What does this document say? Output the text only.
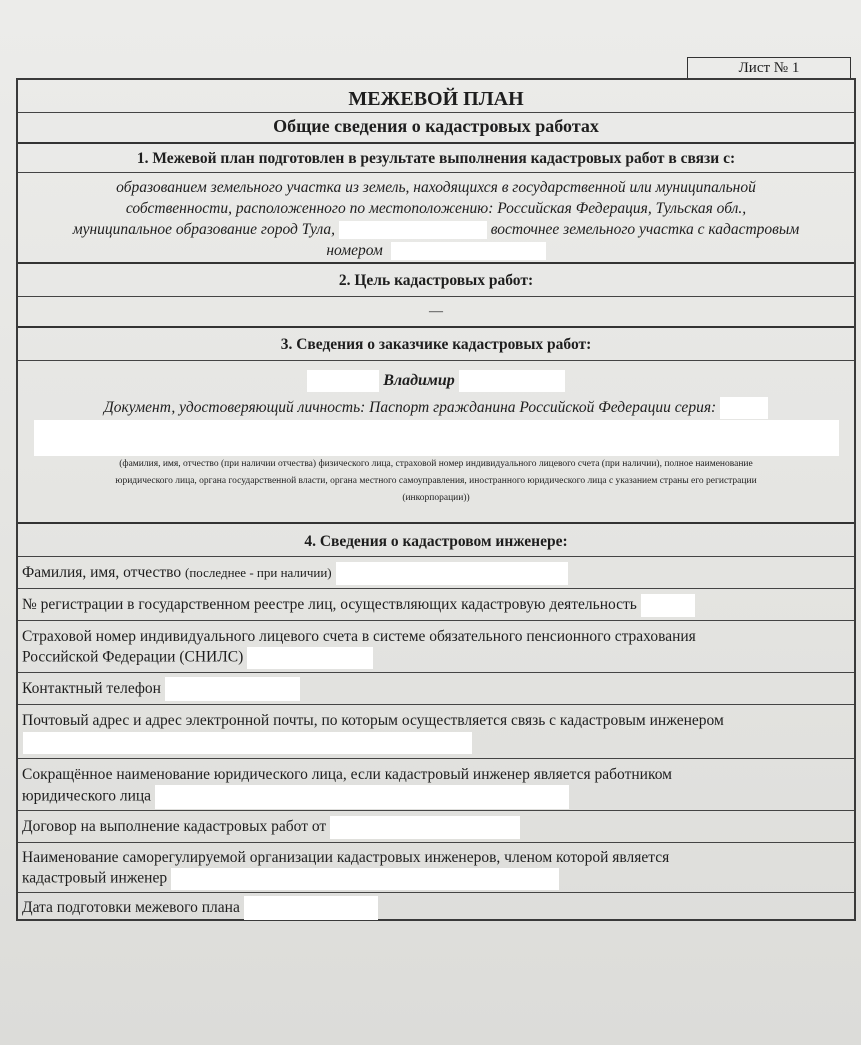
Лист № 1
МЕЖЕВОЙ ПЛАН
Общие сведения о кадастровых работах
1. Межевой план подготовлен в результате выполнения кадастровых работ в связи с:
образованием земельного участка из земель, находящихся в государственной или муниципальной
собственности, расположенного по местоположению: Российская Федерация, Тульская обл.,
муниципальное образование город Тула,	восточнее земельного участка с кадастровым
номером
2. Цель кадастровых работ:
—
3. Сведения о заказчике кадастровых работ:
Владимир
Документ, удостоверяющий личность: Паспорт гражданина Российской Федерации серия:
(фамилия, имя, отчество (при наличии отчества) физического лица, страховой номер индивидуального лицевого счета (при наличии), полное наименование
юридического лица, органа государственной власти, органа местного самоуправления, иностранного юридического лица с указанием страны его регистрации
(инкорпорации))
4. Сведения о кадастровом инженере:
Фамилия, имя, отчество (последнее - при наличии)
№ регистрации в государственном реестре лиц, осуществляющих кадастровую деятельность
Страховой номер индивидуального лицевого счета в системе обязательного пенсионного страхования
Российской Федерации (СНИЛС)
Контактный телефон
Почтовый адрес и адрес электронной почты, по которым осуществляется связь с кадастровым инженером
Сокращённое наименование юридического лица, если кадастровый инженер является работником
юридического лица
Договор на выполнение кадастровых работ от
Наименование саморегулируемой организации кадастровых инженеров, членом которой является
кадастровый инженер
Дата подготовки межевого плана
